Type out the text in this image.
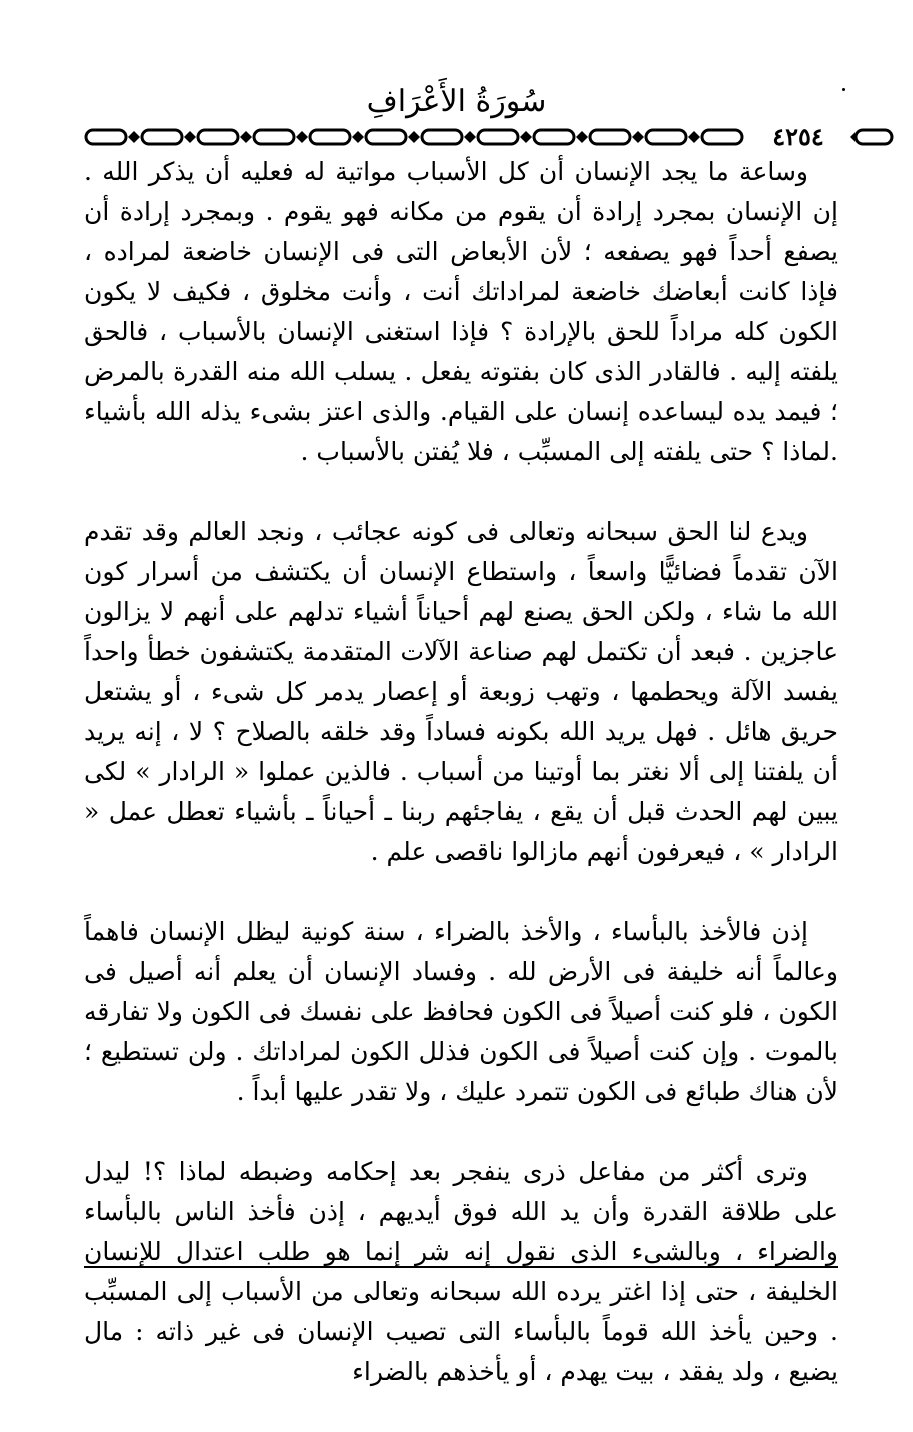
سُورَةُ الأَعْرَافِ
٤٢٥٤

وساعة ما يجد الإنسان أن كل الأسباب مواتية له فعليه أن يذكر الله . إن الإنسان بمجرد إرادة أن يقوم من مكانه فهو يقوم . وبمجرد إرادة أن يصفع أحداً فهو يصفعه ؛ لأن الأبعاض التى فى الإنسان خاضعة لمراده ، فإذا كانت أبعاضك خاضعة لمراداتك أنت ، وأنت مخلوق ، فكيف لا يكون الكون كله مراداً للحق بالإرادة ؟ فإذا استغنى الإنسان بالأسباب ، فالحق يلفته إليه . فالقادر الذى كان بفتوته يفعل . يسلب الله منه القدرة بالمرض ؛ فيمد يده ليساعده إنسان على القيام. والذى اعتز بشىء يذله الله بأشياء .لماذا ؟ حتى يلفته إلى المسبِّب ، فلا يُفتن بالأسباب .

ويدع لنا الحق سبحانه وتعالى فى كونه عجائب ، ونجد العالم وقد تقدم الآن تقدماً فضائيًّا واسعاً ، واستطاع الإنسان أن يكتشف من أسرار كون الله ما شاء ، ولكن الحق يصنع لهم أحياناً أشياء تدلهم على أنهم لا يزالون عاجزين . فبعد أن تكتمل لهم صناعة الآلات المتقدمة يكتشفون خطأ واحداً يفسد الآلة ويحطمها ، وتهب زوبعة أو إعصار يدمر كل شىء ، أو يشتعل حريق هائل . فهل يريد الله بكونه فساداً وقد خلقه بالصلاح ؟ لا ، إنه يريد أن يلفتنا إلى ألا نغتر بما أوتينا من أسباب . فالذين عملوا « الرادار » لكى يبين لهم الحدث قبل أن يقع ، يفاجئهم ربنا ـ أحياناً ـ بأشياء تعطل عمل « الرادار » ، فيعرفون أنهم مازالوا ناقصى علم .

إذن فالأخذ بالبأساء ، والأخذ بالضراء ، سنة كونية ليظل الإنسان فاهماً وعالماً أنه خليفة فى الأرض لله . وفساد الإنسان أن يعلم أنه أصيل فى الكون ، فلو كنت أصيلاً فى الكون فحافظ على نفسك فى الكون ولا تفارقه بالموت . وإن كنت أصيلاً فى الكون فذلل الكون لمراداتك . ولن تستطيع ؛ لأن هناك طبائع فى الكون تتمرد عليك ، ولا تقدر عليها أبداً .

وترى أكثر من مفاعل ذرى ينفجر بعد إحكامه وضبطه لماذا ؟! ليدل على طلاقة القدرة وأن يد الله فوق أيديهم ، إذن فأخذ الناس بالبأساء والضراء ، وبالشىء الذى نقول إنه شر إنما هو طلب اعتدال للإنسان الخليفة ، حتى إذا اغتر يرده الله سبحانه وتعالى من الأسباب إلى المسبِّب . وحين يأخذ الله قوماً بالبأساء التى تصيب الإنسان فى غير ذاته : مال يضيع ، ولد يفقد ، بيت يهدم ، أو يأخذهم بالضراء
